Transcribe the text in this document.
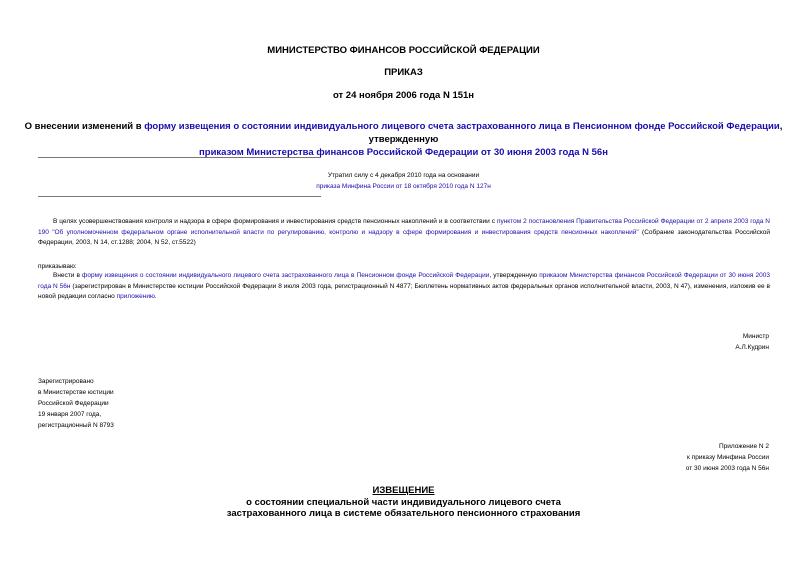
МИНИСТЕРСТВО ФИНАНСОВ РОССИЙСКОЙ ФЕДЕРАЦИИ
ПРИКАЗ
от 24 ноября 2006 года N 151н
О внесении изменений в форму извещения о состоянии индивидуального лицевого счета застрахованного лица в Пенсионном фонде Российской Федерации, утвержденную
приказом Министерства финансов Российской Федерации от 30 июня 2003 года N 56н
Утратил силу с 4 декабря 2010 года на основании
приказа Минфина России от 18 октября 2010 года N 127н
В целях усовершенствования контроля и надзора в сфере формирования и инвестирования средств пенсионных накоплений и в соответствии с пунктом 2 постановления Правительства Российской Федерации от 2 апреля 2003 года N 190 "Об уполномоченном федеральном органе исполнительной власти по регулированию, контролю и надзору в сфере формирования и инвестирования средств пенсионных накоплений" (Собрание законодательства Российской Федерации, 2003, N 14, ст.1288; 2004, N 52, ст.5522)
приказываю:
Внести в форму извещения о состоянии индивидуального лицевого счета застрахованного лица в Пенсионном фонде Российской Федерации, утвержденную приказом Министерства финансов Российской Федерации от 30 июня 2003 года N 56н (зарегистрирован в Министерстве юстиции Российской Федерации 8 июля 2003 года, регистрационный N 4877; Бюллетень нормативных актов федеральных органов исполнительной власти, 2003, N 47), изменения, изложив ее в новой редакции согласно приложению.
Министр
А.Л.Кудрин
Зарегистрировано
в Министерстве юстиции
Российской Федерации
19 января 2007 года,
регистрационный N 8793
Приложение N 2
к приказу Минфина России
от 30 июня 2003 года N 56н
ИЗВЕЩЕНИЕ
о состоянии специальной части индивидуального лицевого счета
застрахованного лица в системе обязательного пенсионного страхования
